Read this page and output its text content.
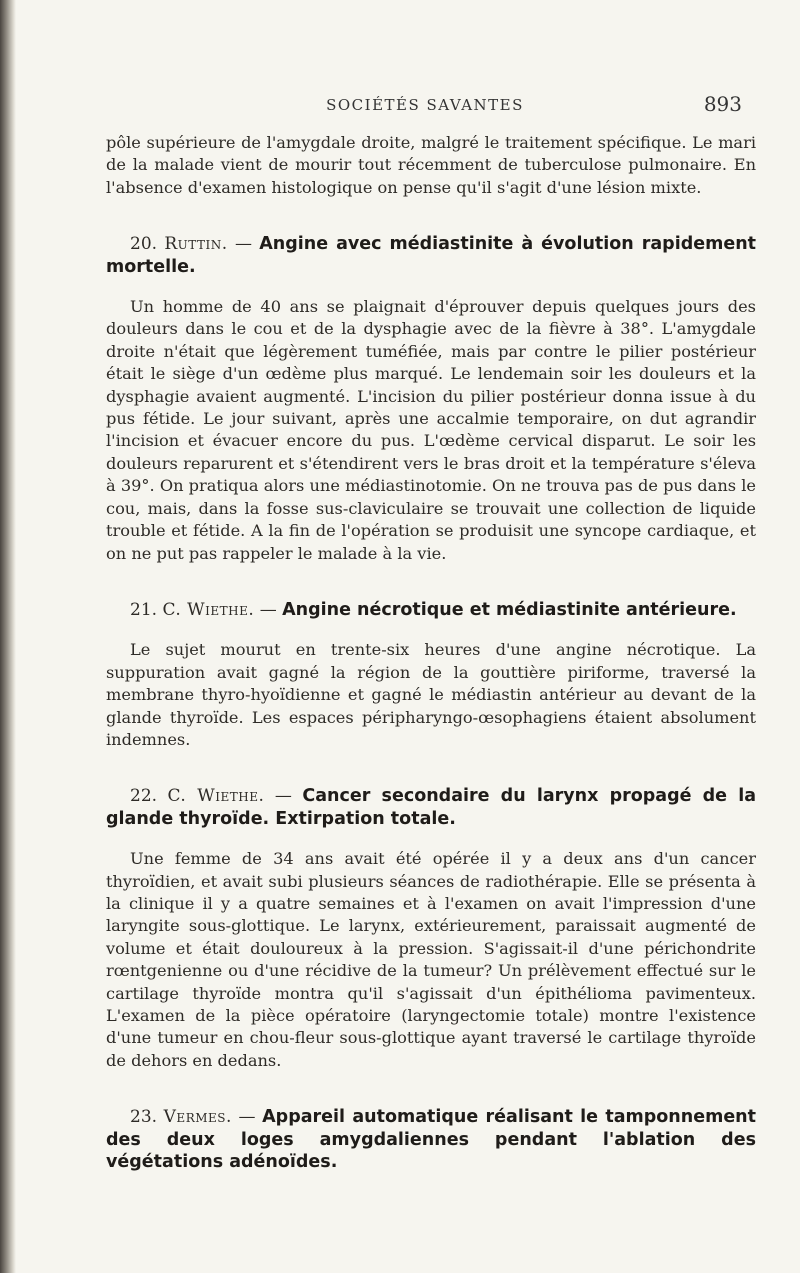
SOCIÉTÉS SAVANTES	893

pôle supérieure de l'amygdale droite, malgré le traitement spécifique. Le mari de la malade vient de mourir tout récemment de tuberculose pulmonaire. En l'absence d'examen histologique on pense qu'il s'agit d'une lésion mixte.

20. Ruttin. — Angine avec médiastinite à évolution rapidement mortelle.

Un homme de 40 ans se plaignait d'éprouver depuis quelques jours des douleurs dans le cou et de la dysphagie avec de la fièvre à 38°. L'amygdale droite n'était que légèrement tuméfiée, mais par contre le pilier postérieur était le siège d'un œdème plus marqué. Le lendemain soir les douleurs et la dysphagie avaient augmenté. L'incision du pilier postérieur donna issue à du pus fétide. Le jour suivant, après une accalmie temporaire, on dut agrandir l'incision et évacuer encore du pus. L'œdème cervical disparut. Le soir les douleurs reparurent et s'étendirent vers le bras droit et la température s'éleva à 39°. On pratiqua alors une médiastinotomie. On ne trouva pas de pus dans le cou, mais, dans la fosse sus-claviculaire se trouvait une collection de liquide trouble et fétide. A la fin de l'opération se produisit une syncope cardiaque, et on ne put pas rappeler le malade à la vie.

21. C. Wiethe. — Angine nécrotique et médiastinite antérieure.

Le sujet mourut en trente-six heures d'une angine nécrotique. La suppuration avait gagné la région de la gouttière piriforme, traversé la membrane thyro-hyoïdienne et gagné le médiastin antérieur au devant de la glande thyroïde. Les espaces péripharyngo-œsophagiens étaient absolument indemnes.

22. C. Wiethe. — Cancer secondaire du larynx propagé de la glande thyroïde. Extirpation totale.

Une femme de 34 ans avait été opérée il y a deux ans d'un cancer thyroïdien, et avait subi plusieurs séances de radiothérapie. Elle se présenta à la clinique il y a quatre semaines et à l'examen on avait l'impression d'une laryngite sous-glottique. Le larynx, extérieurement, paraissait augmenté de volume et était douloureux à la pression. S'agissait-il d'une périchondrite rœntgenienne ou d'une récidive de la tumeur? Un prélèvement effectué sur le cartilage thyroïde montra qu'il s'agissait d'un épithélioma pavimenteux. L'examen de la pièce opératoire (laryngectomie totale) montre l'existence d'une tumeur en chou-fleur sous-glottique ayant traversé le cartilage thyroïde de dehors en dedans.

23. Vermes. — Appareil automatique réalisant le tamponnement des deux loges amygdaliennes pendant l'ablation des végétations adénoïdes.
